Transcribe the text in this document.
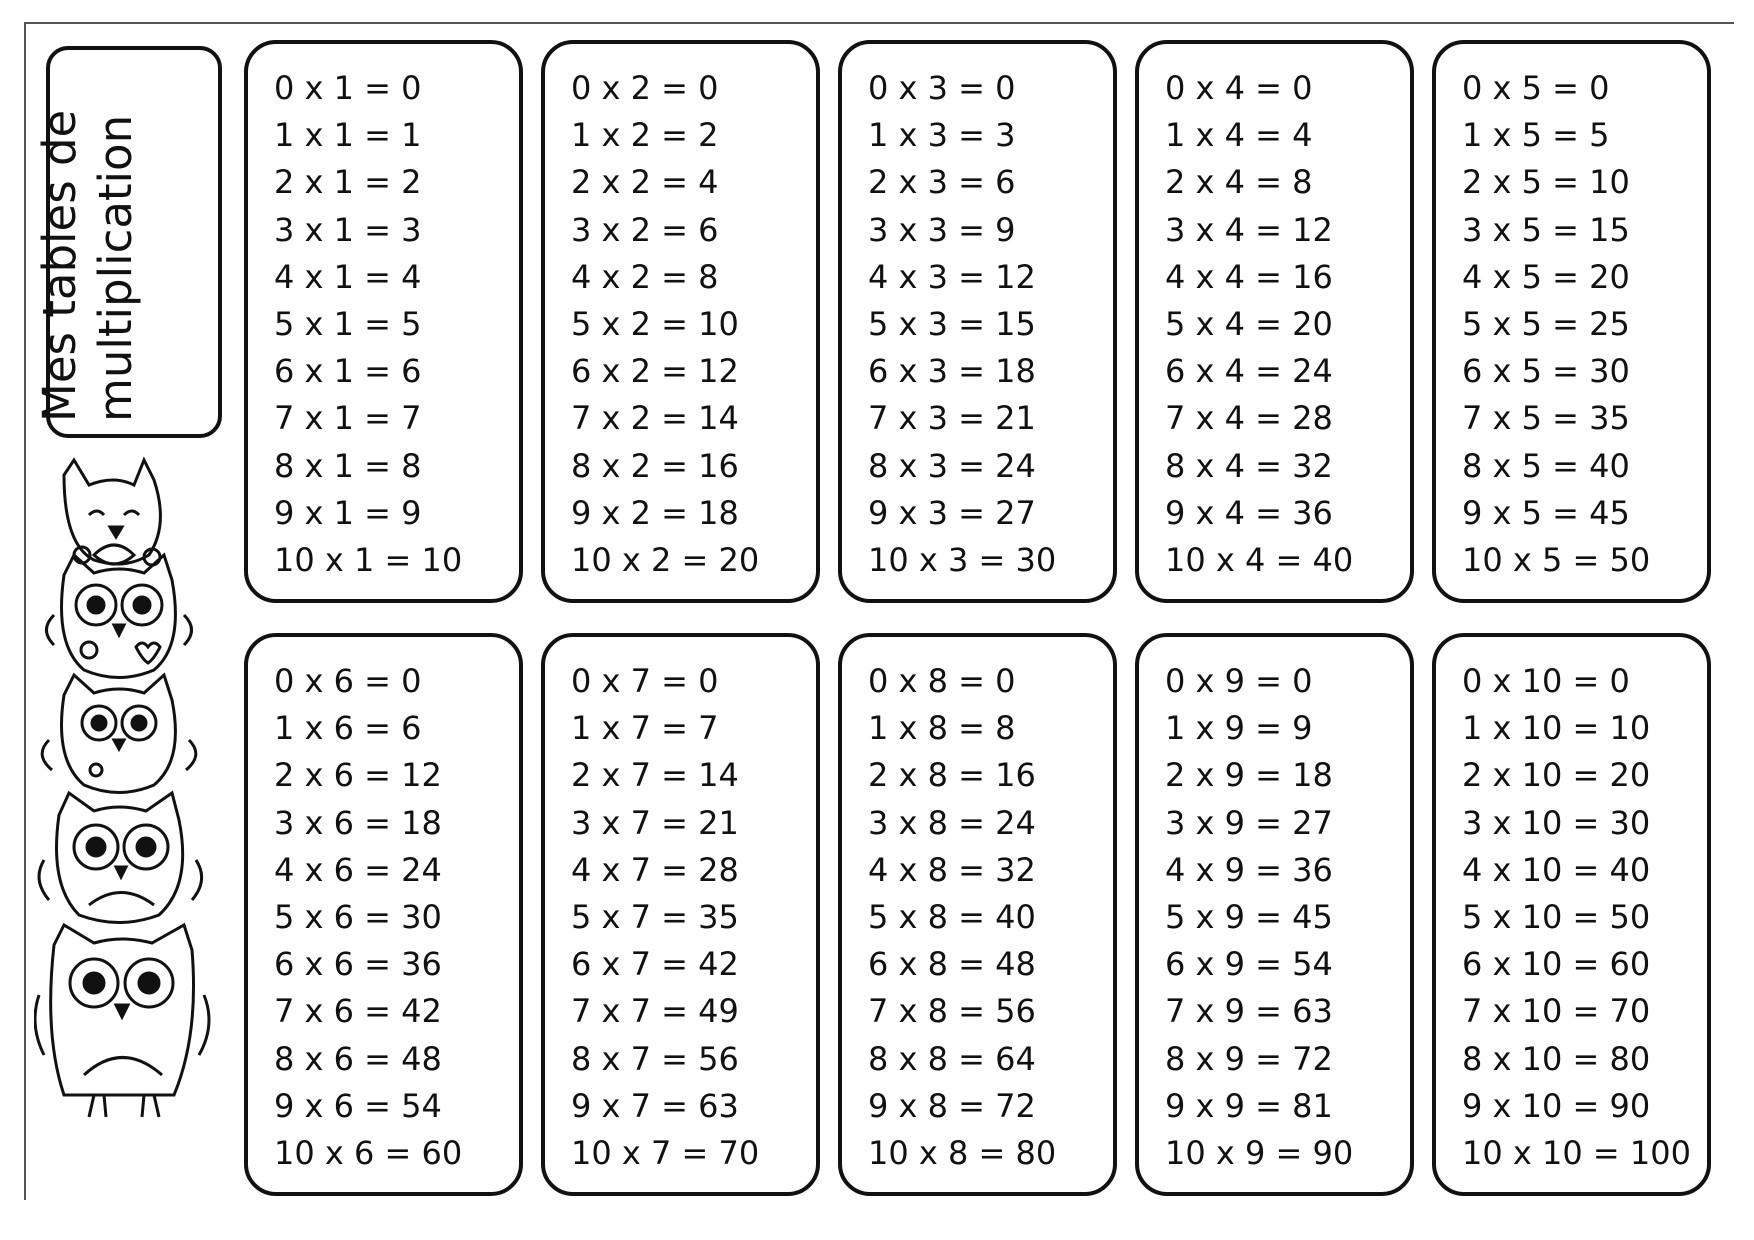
Mes tables de multiplication
0 x 1 = 0
1 x 1 = 1
2 x 1 = 2
3 x 1 = 3
4 x 1 = 4
5 x 1 = 5
6 x 1 = 6
7 x 1 = 7
8 x 1 = 8
9 x 1 = 9
10 x 1 = 10
0 x 2 = 0
1 x 2 = 2
2 x 2 = 4
3 x 2 = 6
4 x 2 = 8
5 x 2 = 10
6 x 2 = 12
7 x 2 = 14
8 x 2 = 16
9 x 2 = 18
10 x 2 = 20
0 x 3 = 0
1 x 3 = 3
2 x 3 = 6
3 x 3 = 9
4 x 3 = 12
5 x 3 = 15
6 x 3 = 18
7 x 3 = 21
8 x 3 = 24
9 x 3 = 27
10 x 3 = 30
0 x 4 = 0
1 x 4 = 4
2 x 4 = 8
3 x 4 = 12
4 x 4 = 16
5 x 4 = 20
6 x 4 = 24
7 x 4 = 28
8 x 4 = 32
9 x 4 = 36
10 x 4 = 40
0 x 5 = 0
1 x 5 = 5
2 x 5 = 10
3 x 5 = 15
4 x 5 = 20
5 x 5 = 25
6 x 5 = 30
7 x 5 = 35
8 x 5 = 40
9 x 5 = 45
10 x 5 = 50
0 x 6 = 0
1 x 6 = 6
2 x 6 = 12
3 x 6 = 18
4 x 6 = 24
5 x 6 = 30
6 x 6 = 36
7 x 6 = 42
8 x 6 = 48
9 x 6 = 54
10 x 6 = 60
0 x 7 = 0
1 x 7 = 7
2 x 7 = 14
3 x 7 = 21
4 x 7 = 28
5 x 7 = 35
6 x 7 = 42
7 x 7 = 49
8 x 7 = 56
9 x 7 = 63
10 x 7 = 70
0 x 8 = 0
1 x 8 = 8
2 x 8 = 16
3 x 8 = 24
4 x 8 = 32
5 x 8 = 40
6 x 8 = 48
7 x 8 = 56
8 x 8 = 64
9 x 8 = 72
10 x 8 = 80
0 x 9 = 0
1 x 9 = 9
2 x 9 = 18
3 x 9 = 27
4 x 9 = 36
5 x 9 = 45
6 x 9 = 54
7 x 9 = 63
8 x 9 = 72
9 x 9 = 81
10 x 9 = 90
0 x 10 = 0
1 x 10 = 10
2 x 10 = 20
3 x 10 = 30
4 x 10 = 40
5 x 10 = 50
6 x 10 = 60
7 x 10 = 70
8 x 10 = 80
9 x 10 = 90
10 x 10 = 100
